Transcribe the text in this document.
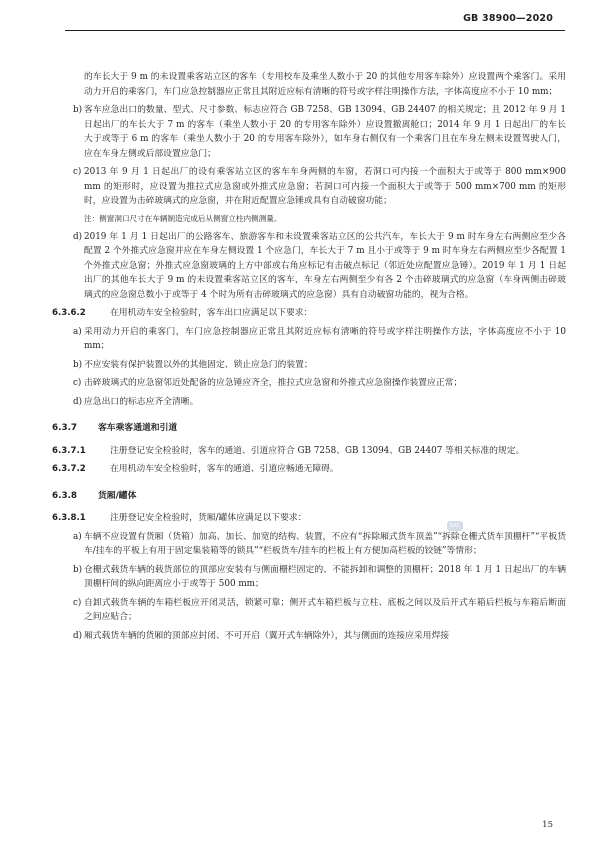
GB 38900—2020

的车长大于 9 m 的未设置乘客站立区的客车（专用校车及乘坐人数小于 20 的其他专用客车除外）应设置两个乘客门。采用动力开启的乘客门，车门应急控制器应正常且其附近应标有清晰的符号或字样注明操作方法，字体高度应不小于 10 mm；

b) 客车应急出口的数量、型式、尺寸参数、标志应符合 GB 7258、GB 13094、GB 24407 的相关规定；且 2012 年 9 月 1 日起出厂的车长大于 7 m 的客车（乘坐人数小于 20 的专用客车除外）应设置撤离舱口；2014 年 9 月 1 日起出厂的车长大于或等于 6 m 的客车（乘坐人数小于 20 的专用客车除外），如车身右侧仅有一个乘客门且在车身左侧未设置驾驶人门，应在车身左侧或后部设置应急门；
c) 2013 年 9 月 1 日起出厂的设有乘客站立区的客车车身两侧的车窗，若洞口可内接一个面积大于或等于 800 mm×900 mm 的矩形时，应设置为推拉式应急窗或外推式应急窗；若洞口可内接一个面积大于或等于 500 mm×700 mm 的矩形时，应设置为击碎玻璃式的应急窗，并在附近配置应急锤或具有自动破窗功能；
注：侧窗洞口尺寸在车辆制造完成后从侧窗立柱内侧测量。
d) 2019 年 1 月 1 日起出厂的公路客车、旅游客车和未设置乘客站立区的公共汽车，车长大于 9 m 时车身左右两侧应至少各配置 2 个外推式应急窗并应在车身左侧设置 1 个应急门，车长大于 7 m 且小于或等于 9 m 时车身左右两侧应至少各配置 1 个外推式应急窗；外推式应急窗玻璃的上方中部或右角应标记有击破点标记（邻近处应配置应急锤）。2019 年 1 月 1 日起出厂的其他车长大于 9 m 的未设置乘客站立区的客车，车身左右两侧至少有各 2 个击碎玻璃式的应急窗（车身两侧击碎玻璃式的应急窗总数小于或等于 4 个时为所有击碎玻璃式的应急窗）具有自动破窗功能的，视为合格。
6.3.6.2	在用机动车安全检验时，客车出口应满足以下要求：
a) 采用动力开启的乘客门，车门应急控制器应正常且其附近应标有清晰的符号或字样注明操作方法，字体高度应不小于 10 mm；
b) 不应安装有保护装置以外的其他固定、锁止应急门的装置；
c) 击碎玻璃式的应急窗邻近处配备的应急锤应齐全，推拉式应急窗和外推式应急窗操作装置应正常；
d) 应急出口的标志应齐全清晰。
6.3.7	客车乘客通道和引道
6.3.7.1	注册登记安全检验时，客车的通道、引道应符合 GB 7258、GB 13094、GB 24407 等相关标准的规定。
6.3.7.2	在用机动车安全检验时，客车的通道、引道应畅通无障碍。
6.3.8	货厢/罐体
6.3.8.1	注册登记安全检验时，货厢/罐体应满足以下要求：
a) 车辆不应设置有货厢（货箱）加高、加长、加宽的结构、装置，不应有“拆除厢式货车顶盖”“拆除仓栅式货车顶棚杆”“平板货车/挂车的平板上有用于固定集装箱等的锁具”“栏板货车/挂车的栏板上有方便加高栏板的铰链”等情形；
b) 仓栅式载货车辆的载货部位的顶部应安装有与侧面栅栏固定的、不能拆卸和调整的顶棚杆；2018 年 1 月 1 日起出厂的车辆顶棚杆间的纵向距离应小于或等于 500 mm；
c) 自卸式载货车辆的车箱栏板应开闭灵活，锁紧可靠；侧开式车箱栏板与立柱、底板之间以及后开式车箱后栏板与车箱后断面之间应贴合；
d) 厢式载货车辆的货厢的顶部应封闭、不可开启（翼开式车辆除外），其与侧面的连接应采用焊接
SAC
15
